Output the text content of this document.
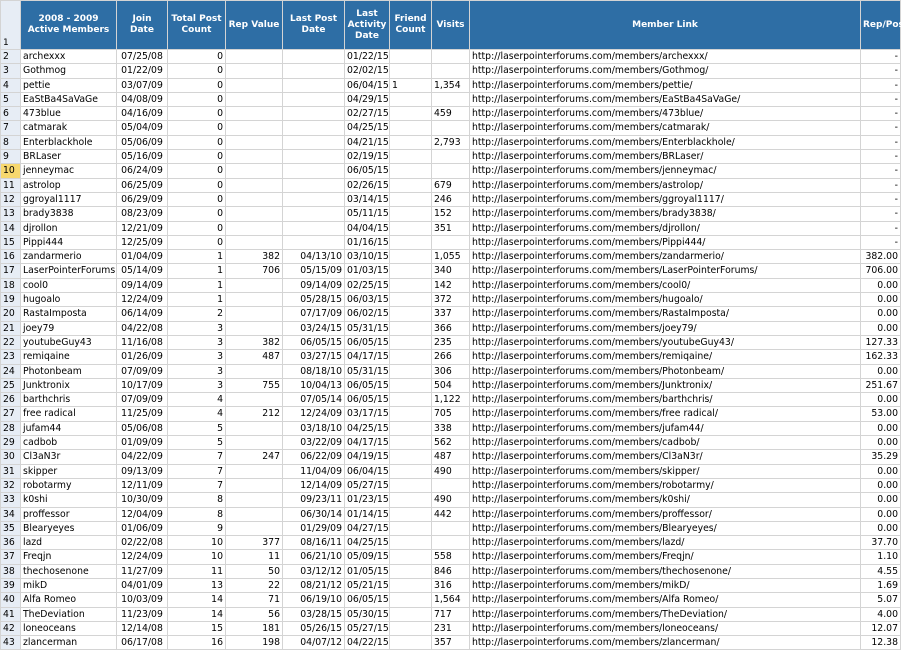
1	2008 - 2009 Active Members	Join Date	Total Post Count	Rep Value	Last Post Date	Last Activity Date	Friend Count	Visits	Member Link	Rep/Post
2	archexxx	07/25/08	0			01/22/15			http://laserpointerforums.com/members/archexxx/	-
3	Gothmog	01/22/09	0			02/02/15			http://laserpointerforums.com/members/Gothmog/	-
4	pettie	03/07/09	0			06/04/15	1	1,354	http://laserpointerforums.com/members/pettie/	-
5	EaStBa4SaVaGe	04/08/09	0			04/29/15			http://laserpointerforums.com/members/EaStBa4SaVaGe/	-
6	473blue	04/16/09	0			02/27/15		459	http://laserpointerforums.com/members/473blue/	-
7	catmarak	05/04/09	0			04/25/15			http://laserpointerforums.com/members/catmarak/	-
8	Enterblackhole	05/06/09	0			04/21/15		2,793	http://laserpointerforums.com/members/Enterblackhole/	-
9	BRLaser	05/16/09	0			02/19/15			http://laserpointerforums.com/members/BRLaser/	-
10	jenneymac	06/24/09	0			06/05/15			http://laserpointerforums.com/members/jenneymac/	-
11	astrolop	06/25/09	0			02/26/15		679	http://laserpointerforums.com/members/astrolop/	-
12	ggroyal1117	06/29/09	0			03/14/15		246	http://laserpointerforums.com/members/ggroyal1117/	-
13	brady3838	08/23/09	0			05/11/15		152	http://laserpointerforums.com/members/brady3838/	-
14	djrollon	12/21/09	0			04/04/15		351	http://laserpointerforums.com/members/djrollon/	-
15	Pippi444	12/25/09	0			01/16/15			http://laserpointerforums.com/members/Pippi444/	-
16	zandarmerio	01/04/09	1	382	04/13/10	03/10/15		1,055	http://laserpointerforums.com/members/zandarmerio/	382.00
17	LaserPointerForums	05/14/09	1	706	05/15/09	01/03/15		340	http://laserpointerforums.com/members/LaserPointerForums/	706.00
18	cool0	09/14/09	1		09/14/09	02/25/15		142	http://laserpointerforums.com/members/cool0/	0.00
19	hugoalo	12/24/09	1		05/28/15	06/03/15		372	http://laserpointerforums.com/members/hugoalo/	0.00
20	RastaImposta	06/14/09	2		07/17/09	06/02/15		337	http://laserpointerforums.com/members/RastaImposta/	0.00
21	joey79	04/22/08	3		03/24/15	05/31/15		366	http://laserpointerforums.com/members/joey79/	0.00
22	youtubeGuy43	11/16/08	3	382	06/05/15	06/05/15		235	http://laserpointerforums.com/members/youtubeGuy43/	127.33
23	remiqaine	01/26/09	3	487	03/27/15	04/17/15		266	http://laserpointerforums.com/members/remiqaine/	162.33
24	Photonbeam	07/09/09	3		08/18/10	05/31/15		306	http://laserpointerforums.com/members/Photonbeam/	0.00
25	Junktronix	10/17/09	3	755	10/04/13	06/05/15		504	http://laserpointerforums.com/members/Junktronix/	251.67
26	barthchris	07/09/09	4		07/05/14	06/05/15		1,122	http://laserpointerforums.com/members/barthchris/	0.00
27	free radical	11/25/09	4	212	12/24/09	03/17/15		705	http://laserpointerforums.com/members/free radical/	53.00
28	jufam44	05/06/08	5		03/18/10	04/25/15		338	http://laserpointerforums.com/members/jufam44/	0.00
29	cadbob	01/09/09	5		03/22/09	04/17/15		562	http://laserpointerforums.com/members/cadbob/	0.00
30	Cl3aN3r	04/22/09	7	247	06/22/09	04/19/15		487	http://laserpointerforums.com/members/Cl3aN3r/	35.29
31	skipper	09/13/09	7		11/04/09	06/04/15		490	http://laserpointerforums.com/members/skipper/	0.00
32	robotarmy	12/11/09	7		12/14/09	05/27/15			http://laserpointerforums.com/members/robotarmy/	0.00
33	k0shi	10/30/09	8		09/23/11	01/23/15		490	http://laserpointerforums.com/members/k0shi/	0.00
34	proffessor	12/04/09	8		06/30/14	01/14/15		442	http://laserpointerforums.com/members/proffessor/	0.00
35	Blearyeyes	01/06/09	9		01/29/09	04/27/15			http://laserpointerforums.com/members/Blearyeyes/	0.00
36	lazd	02/22/08	10	377	08/16/11	04/25/15			http://laserpointerforums.com/members/lazd/	37.70
37	Freqjn	12/24/09	10	11	06/21/10	05/09/15		558	http://laserpointerforums.com/members/Freqjn/	1.10
38	thechosenone	11/27/09	11	50	03/12/12	01/05/15		846	http://laserpointerforums.com/members/thechosenone/	4.55
39	mikD	04/01/09	13	22	08/21/12	05/21/15		316	http://laserpointerforums.com/members/mikD/	1.69
40	Alfa Romeo	10/03/09	14	71	06/19/10	06/05/15		1,564	http://laserpointerforums.com/members/Alfa Romeo/	5.07
41	TheDeviation	11/23/09	14	56	03/28/15	05/30/15		717	http://laserpointerforums.com/members/TheDeviation/	4.00
42	loneoceans	12/14/08	15	181	05/26/15	05/27/15		231	http://laserpointerforums.com/members/loneoceans/	12.07
43	zlancerman	06/17/08	16	198	04/07/12	04/22/15		357	http://laserpointerforums.com/members/zlancerman/	12.38
